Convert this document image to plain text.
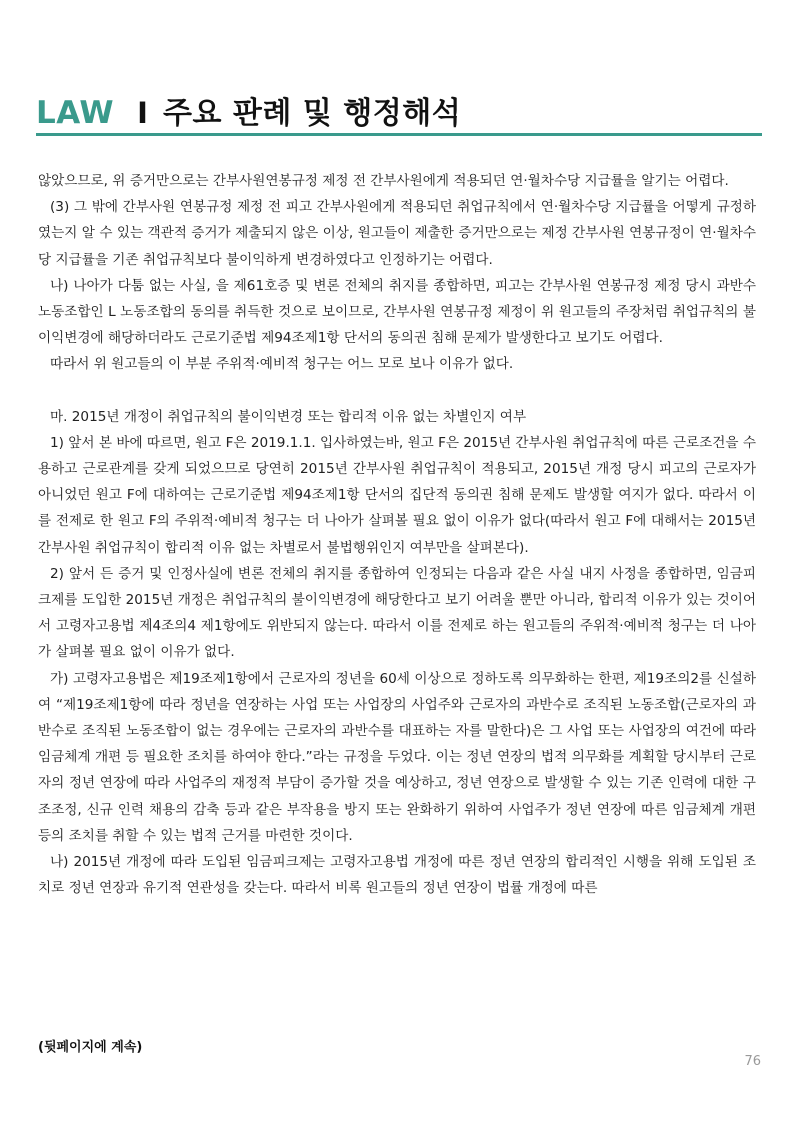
LAW I 주요 판례 및 행정해석

않았으므로, 위 증거만으로는 간부사원연봉규정 제정 전 간부사원에게 적용되던 연·월차수당 지급률을 알기는 어렵다.

(3) 그 밖에 간부사원 연봉규정 제정 전 피고 간부사원에게 적용되던 취업규칙에서 연·월차수당 지급률을 어떻게 규정하였는지 알 수 있는 객관적 증거가 제출되지 않은 이상, 원고들이 제출한 증거만으로는 제정 간부사원 연봉규정이 연·월차수당 지급률을 기존 취업규칙보다 불이익하게 변경하였다고 인정하기는 어렵다.

나) 나아가 다툼 없는 사실, 을 제61호증 및 변론 전체의 취지를 종합하면, 피고는 간부사원 연봉규정 제정 당시 과반수 노동조합인 L 노동조합의 동의를 취득한 것으로 보이므로, 간부사원 연봉규정 제정이 위 원고들의 주장처럼 취업규칙의 불이익변경에 해당하더라도 근로기준법 제94조제1항 단서의 동의권 침해 문제가 발생한다고 보기도 어렵다.

따라서 위 원고들의 이 부분 주위적·예비적 청구는 어느 모로 보나 이유가 없다.

마. 2015년 개정이 취업규칙의 불이익변경 또는 합리적 이유 없는 차별인지 여부

1) 앞서 본 바에 따르면, 원고 F은 2019.1.1. 입사하였는바, 원고 F은 2015년 간부사원 취업규칙에 따른 근로조건을 수용하고 근로관계를 갖게 되었으므로 당연히 2015년 간부사원 취업규칙이 적용되고, 2015년 개정 당시 피고의 근로자가 아니었던 원고 F에 대하여는 근로기준법 제94조제1항 단서의 집단적 동의권 침해 문제도 발생할 여지가 없다. 따라서 이를 전제로 한 원고 F의 주위적·예비적 청구는 더 나아가 살펴볼 필요 없이 이유가 없다(따라서 원고 F에 대해서는 2015년 간부사원 취업규칙이 합리적 이유 없는 차별로서 불법행위인지 여부만을 살펴본다).

2) 앞서 든 증거 및 인정사실에 변론 전체의 취지를 종합하여 인정되는 다음과 같은 사실 내지 사정을 종합하면, 임금피크제를 도입한 2015년 개정은 취업규칙의 불이익변경에 해당한다고 보기 어려울 뿐만 아니라, 합리적 이유가 있는 것이어서 고령자고용법 제4조의4 제1항에도 위반되지 않는다. 따라서 이를 전제로 하는 원고들의 주위적·예비적 청구는 더 나아가 살펴볼 필요 없이 이유가 없다.

가) 고령자고용법은 제19조제1항에서 근로자의 정년을 60세 이상으로 정하도록 의무화하는 한편, 제19조의2를 신설하여 “제19조제1항에 따라 정년을 연장하는 사업 또는 사업장의 사업주와 근로자의 과반수로 조직된 노동조합(근로자의 과반수로 조직된 노동조합이 없는 경우에는 근로자의 과반수를 대표하는 자를 말한다)은 그 사업 또는 사업장의 여건에 따라 임금체계 개편 등 필요한 조치를 하여야 한다.”라는 규정을 두었다. 이는 정년 연장의 법적 의무화를 계획할 당시부터 근로자의 정년 연장에 따라 사업주의 재정적 부담이 증가할 것을 예상하고, 정년 연장으로 발생할 수 있는 기존 인력에 대한 구조조정, 신규 인력 채용의 감축 등과 같은 부작용을 방지 또는 완화하기 위하여 사업주가 정년 연장에 따른 임금체계 개편 등의 조치를 취할 수 있는 법적 근거를 마련한 것이다.

나) 2015년 개정에 따라 도입된 임금피크제는 고령자고용법 개정에 따른 정년 연장의 합리적인 시행을 위해 도입된 조치로 정년 연장과 유기적 연관성을 갖는다. 따라서 비록 원고들의 정년 연장이 법률 개정에 따른

(뒷페이지에 계속)
76
